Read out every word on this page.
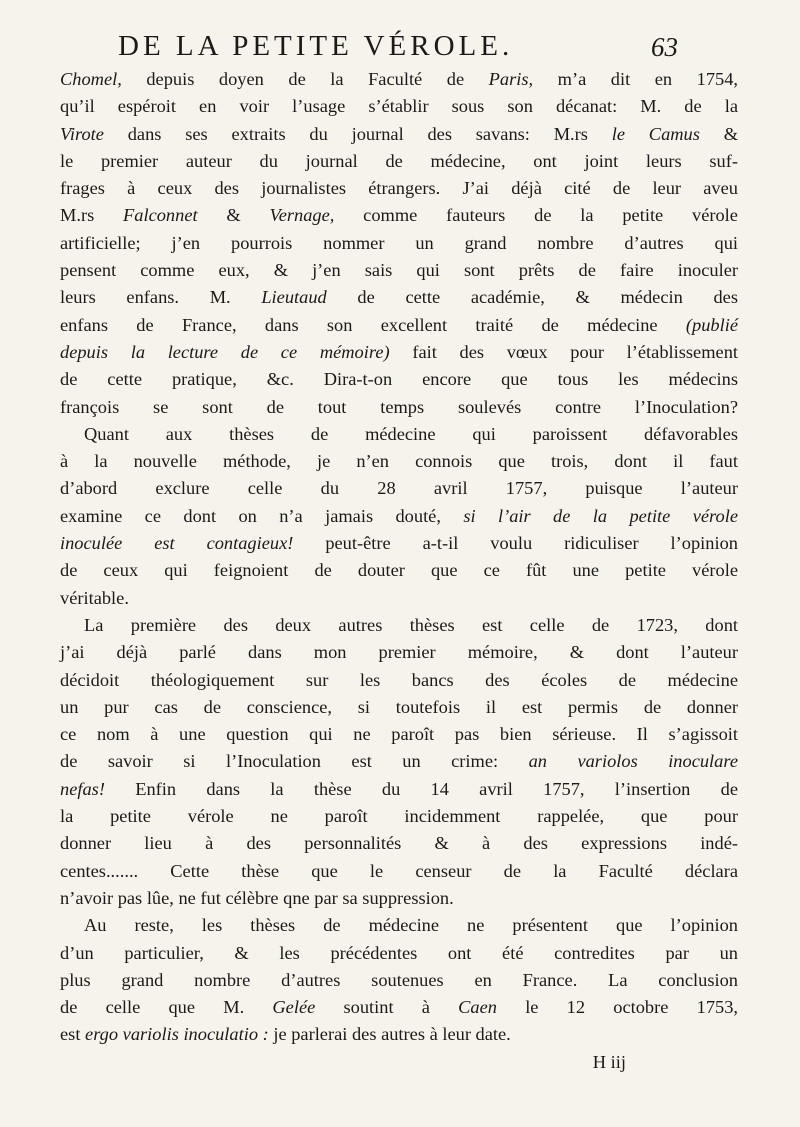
DE LA PETITE VÉROLE.	63
Chomel, depuis doyen de la Faculté de Paris, m’a dit en 1754,
qu’il espéroit en voir l’usage s’établir sous son décanat: M. de la
Virote dans ses extraits du journal des savans: M.rs le Camus &
le premier auteur du journal de médecine, ont joint leurs suf-
frages à ceux des journalistes étrangers. J’ai déjà cité de leur aveu
M.rs Falconnet & Vernage, comme fauteurs de la petite vérole
artificielle; j’en pourrois nommer un grand nombre d’autres qui
pensent comme eux, & j’en sais qui sont prêts de faire inoculer
leurs enfans. M. Lieutaud de cette académie, & médecin des
enfans de France, dans son excellent traité de médecine (publié
depuis la lecture de ce mémoire) fait des vœux pour l’établissement
de cette pratique, &c. Dira-t-on encore que tous les médecins
françois se sont de tout temps soulevés contre l’Inoculation?
Quant aux thèses de médecine qui paroissent défavorables
à la nouvelle méthode, je n’en connois que trois, dont il faut
d’abord exclure celle du 28 avril 1757, puisque l’auteur
examine ce dont on n’a jamais douté, si l’air de la petite vérole
inoculée est contagieux! peut-être a-t-il voulu ridiculiser l’opinion
de ceux qui feignoient de douter que ce fût une petite vérole
véritable.
La première des deux autres thèses est celle de 1723, dont
j’ai déjà parlé dans mon premier mémoire, & dont l’auteur
décidoit théologiquement sur les bancs des écoles de médecine
un pur cas de conscience, si toutefois il est permis de donner
ce nom à une question qui ne paroît pas bien sérieuse. Il s’agissoit
de savoir si l’Inoculation est un crime: an variolos inoculare
nefas! Enfin dans la thèse du 14 avril 1757, l’insertion de
la petite vérole ne paroît incidemment rappelée, que pour
donner lieu à des personnalités & à des expressions indé-
centes....... Cette thèse que le censeur de la Faculté déclara
n’avoir pas lûe, ne fut célèbre qne par sa suppression.
Au reste, les thèses de médecine ne présentent que l’opinion
d’un particulier, & les précédentes ont été contredites par un
plus grand nombre d’autres soutenues en France. La conclusion
de celle que M. Gelée soutint à Caen le 12 octobre 1753,
est ergo variolis inoculatio : je parlerai des autres à leur date.
H iij
